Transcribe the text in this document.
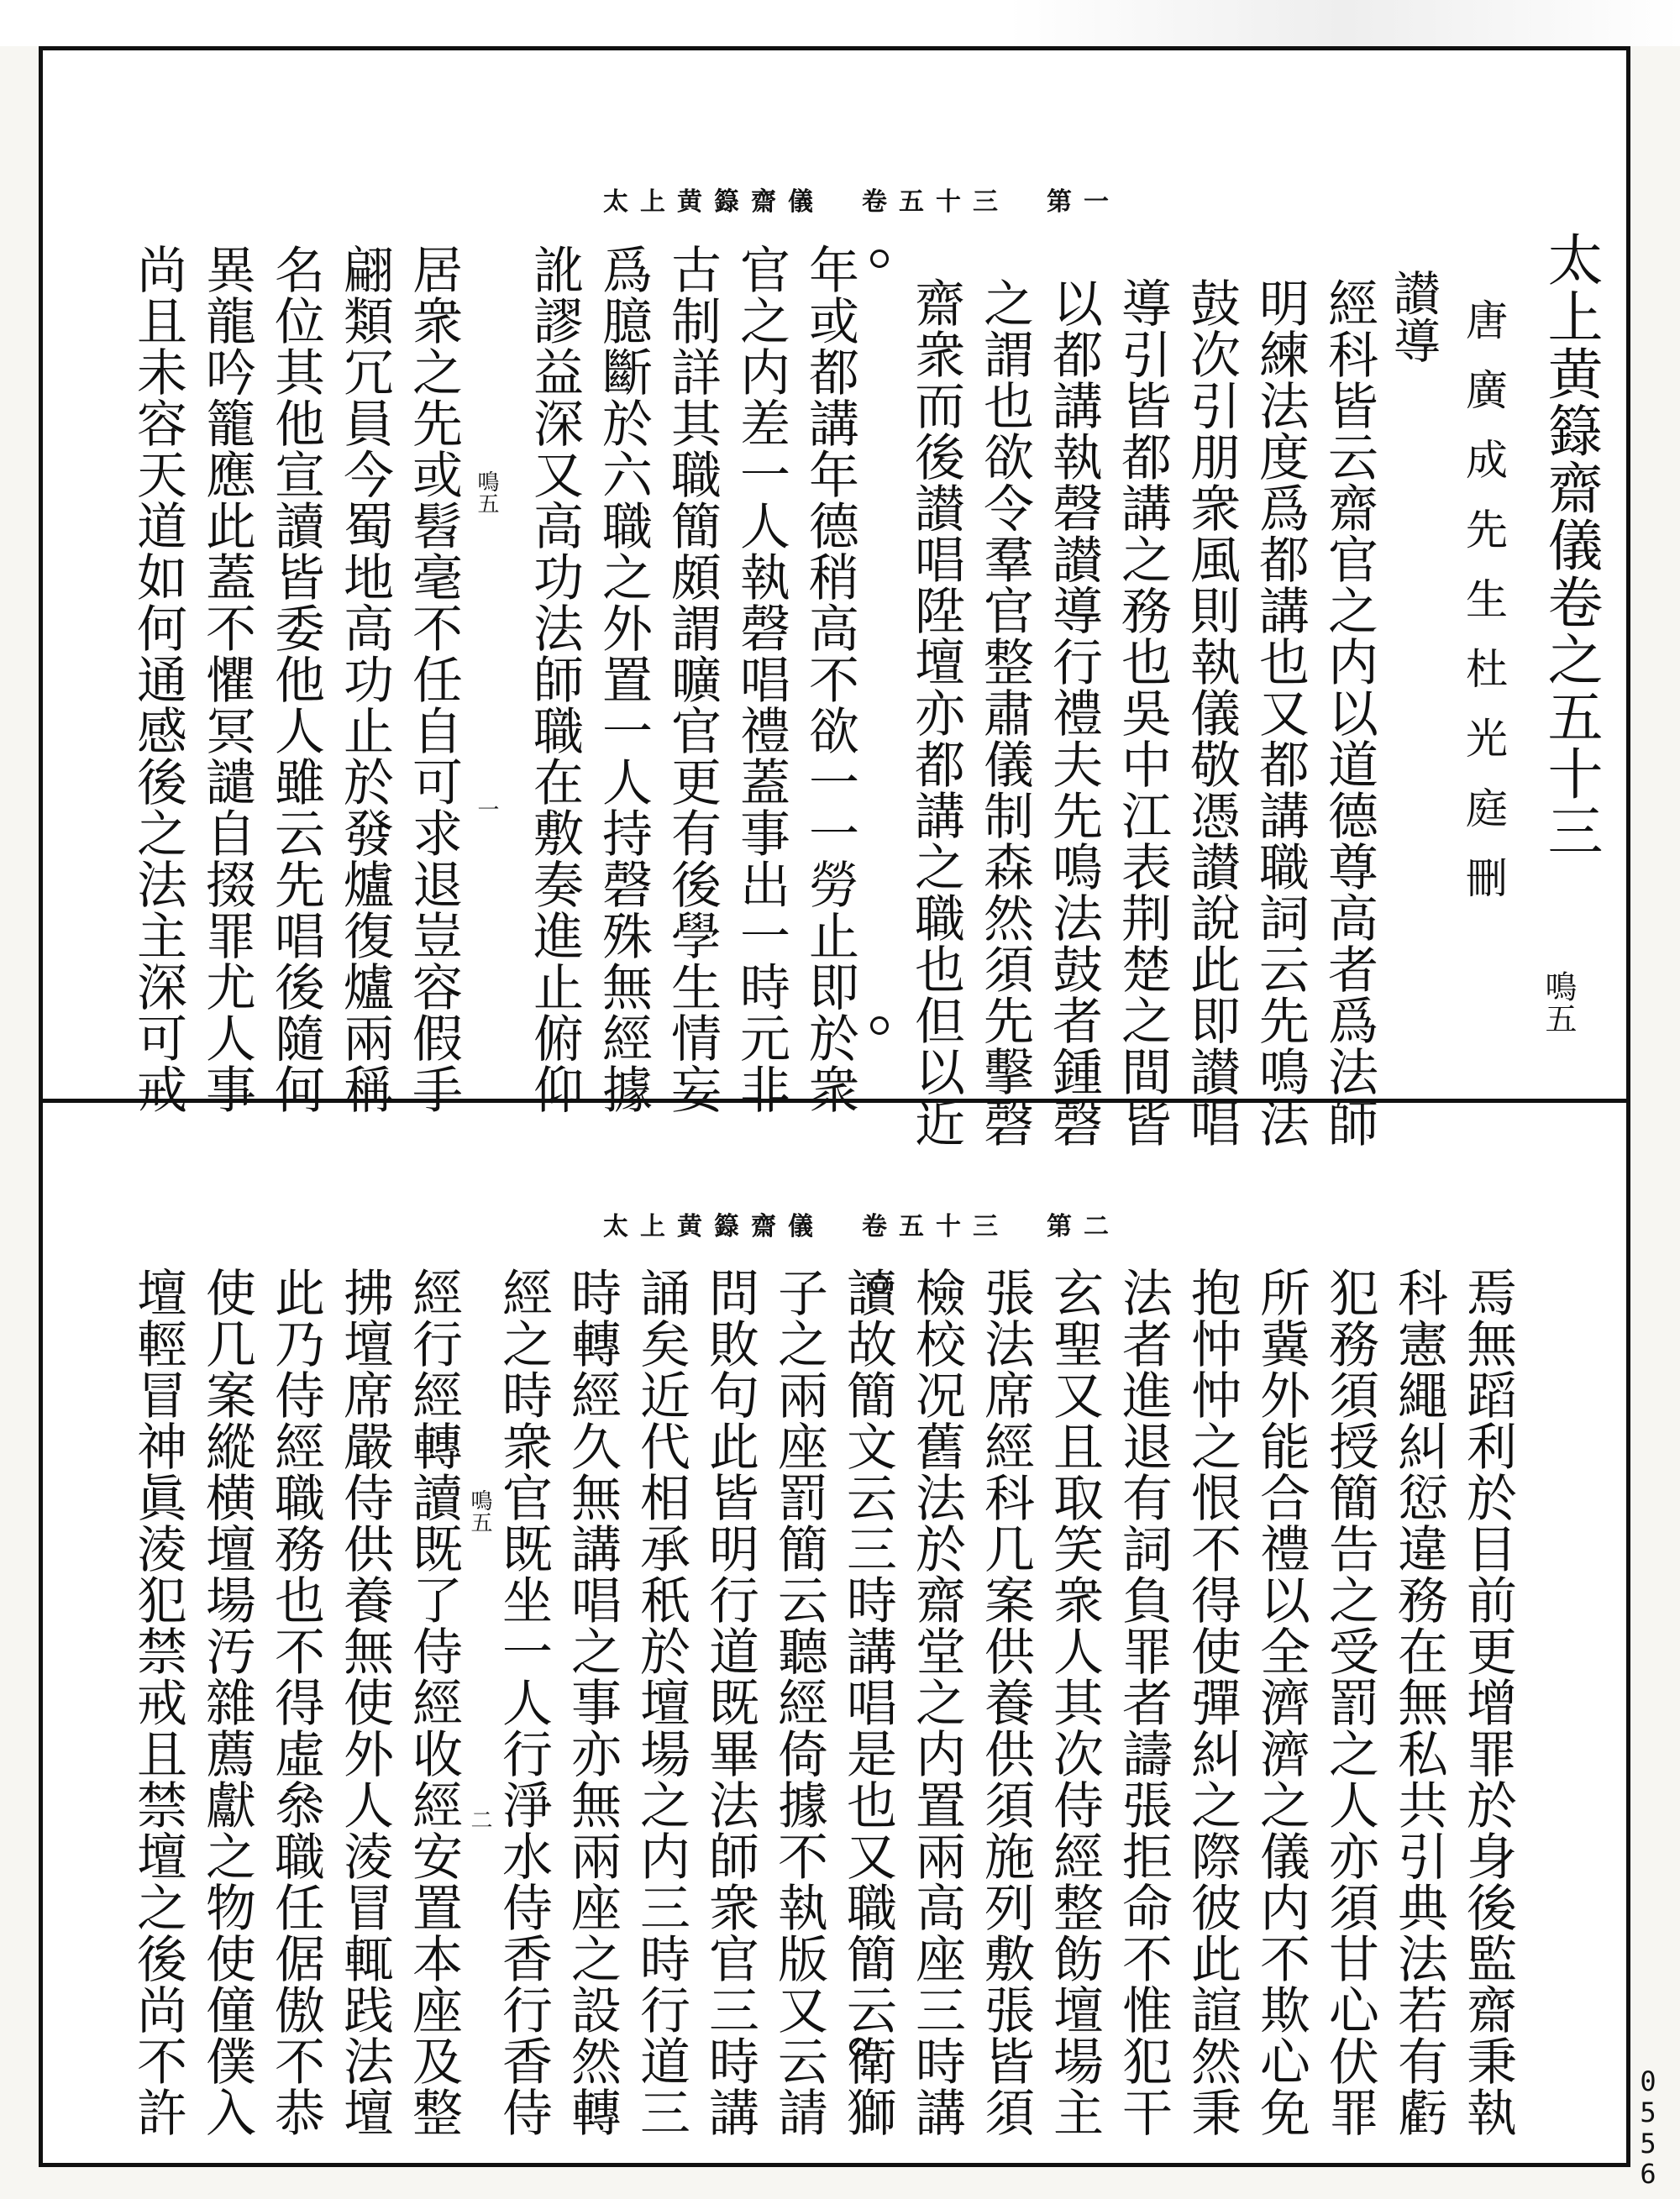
太上黄籙齋儀　卷五十三　第一
鳴五
太上黄籙齋儀卷之五十三
唐廣成先生杜光庭刪
讃導
經科皆云齋官之内以道德尊高者爲法師
明練法度爲都講也又都講職詞云先鳴法
鼓次引朋衆風則執儀敬憑讃說此即讃唱
導引皆都講之務也吳中江表荆楚之間皆
以都講執磬讃導行禮夫先鳴法鼓者鍾磬
之謂也欲令羣官整肅儀制森然須先擊磬
齋衆而後讃唱陞壇亦都講之職也但以近
年或都講年德稍高不欲一一勞止即於衆
官之内差一人執磬唱禮蓋事出一時元非
古制詳其職簡頗謂曠官更有後學生情妄
爲臆斷於六職之外置一人持磬殊無經據
訛謬益深又高功法師職在敷奏進止俯仰
鳴五
居衆之先或髫毫不任自可求退豈容假手 一
翩類冗員今蜀地高功止於發爐復爐兩稱
名位其他宣讀皆委他人雖云先唱後隨何
異龍吟籠應此蓋不懼冥譴自掇罪尤人事
尚且未容天道如何通感後之法主深可戒
太上黄籙齋儀　卷五十三　第二
焉無蹈利於目前更增罪於身後監齋秉執
科憲繩糾愆違務在無私共引典法若有虧
犯務須授簡告之受罰之人亦須甘心伏罪
所冀外能合禮以全濟濟之儀内不欺心免
抱忡忡之恨不得使彈糾之際彼此諠然秉
法者進退有詞負罪者譸張拒命不惟犯干
玄聖又且取笑衆人其次侍經整飭壇場主
張法席經科几案供養供須施列敷張皆須
檢校况舊法於齋堂之内置兩高座三時講
讀故簡文云三時講唱是也又職簡云衛獅
子之兩座罰簡云聽經倚據不執版又云請
問敗句此皆明行道既畢法師衆官三時講
誦矣近代相承秖於壇場之内三時行道三
時轉經久無講唱之事亦無兩座之設然轉
經之時衆官既坐一人行淨水侍香行香侍
鳴五
二
經行經轉讀既了侍經收經安置本座及整
拂壇席嚴侍供養無使外人淩冒輒践法壇
此乃侍經職務也不得虛叅職任倨傲不恭
使几案縱横壇場汚雜薦獻之物使僮僕入
壇輕冒神眞淩犯禁戒且禁壇之後尚不許	0
5
5
6
